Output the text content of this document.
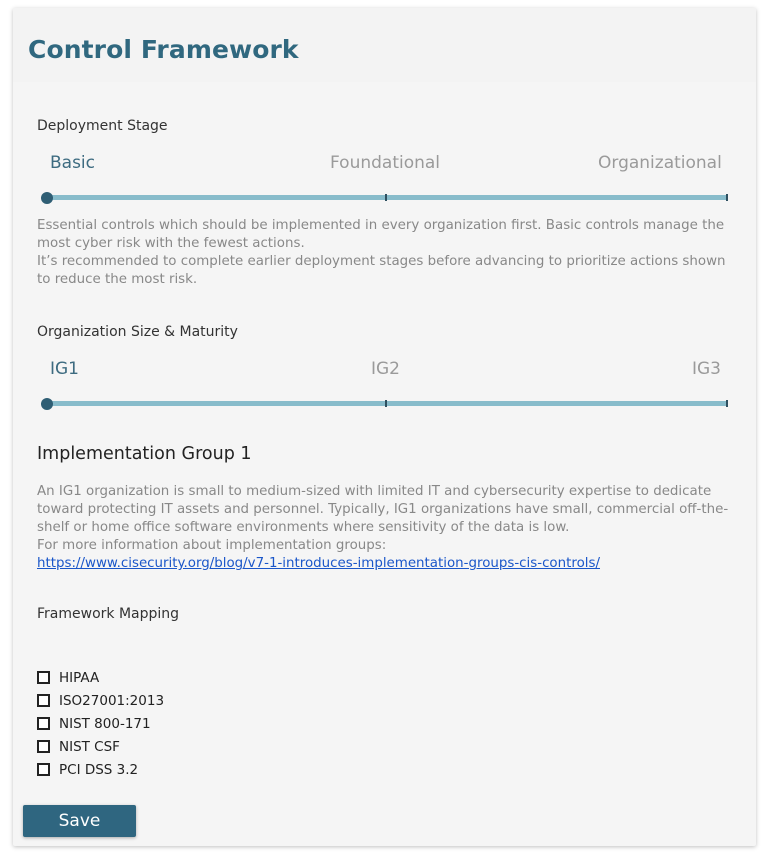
Control Framework
Deployment Stage
Basic	Foundational	Organizational
Essential controls which should be implemented in every organization first. Basic controls manage the most cyber risk with the fewest actions.
It’s recommended to complete earlier deployment stages before advancing to prioritize actions shown to reduce the most risk.
Organization Size & Maturity
IG1	IG2	IG3
Implementation Group 1
An IG1 organization is small to medium-sized with limited IT and cybersecurity expertise to dedicate toward protecting IT assets and personnel. Typically, IG1 organizations have small, commercial off-the-shelf or home office software environments where sensitivity of the data is low.
For more information about implementation groups:
https://www.cisecurity.org/blog/v7-1-introduces-implementation-groups-cis-controls/
Framework Mapping
HIPAA
ISO27001:2013
NIST 800-171
NIST CSF
PCI DSS 3.2
Save
